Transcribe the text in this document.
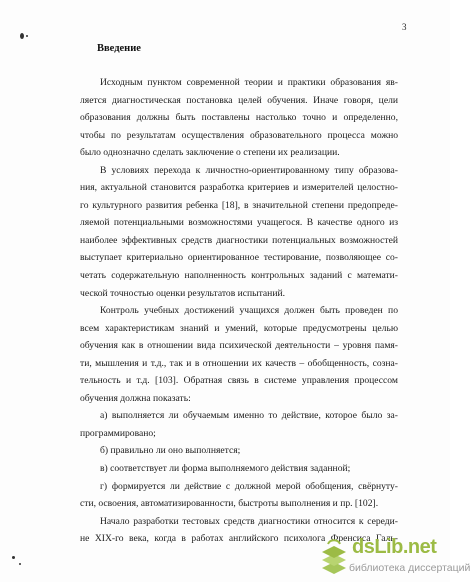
3
Введение
Исходным пунктом современной теории и практики образования яв-
ляется диагностическая постановка целей обучения. Иначе говоря, цели
образования должны быть поставлены настолько точно и определенно,
чтобы по результатам осуществления образовательного процесса можно
было однозначно сделать заключение о степени их реализации.
В условиях перехода к личностно-ориентированному типу образова-
ния, актуальной становится разработка критериев и измерителей целостно-
го культурного развития ребенка [18], в значительной степени предопреде-
ляемой потенциальными возможностями учащегося. В качестве одного из
наиболее эффективных средств диагностики потенциальных возможностей
выступает критериально ориентированное тестирование, позволяющее со-
четать содержательную наполненность контрольных заданий с математи-
ческой точностью оценки результатов испытаний.
Контроль учебных достижений учащихся должен быть проведен по
всем характеристикам знаний и умений, которые предусмотрены целью
обучения как в отношении вида психической деятельности – уровня памя-
ти, мышления и т.д., так и в отношении их качеств – обобщенность, созна-
тельность и т.д. [103]. Обратная связь в системе управления процессом
обучения должна показать:
а) выполняется ли обучаемым именно то действие, которое было за-
программировано;
б) правильно ли оно выполняется;
в) соответствует ли форма выполняемого действия заданной;
г) формируется ли действие с должной мерой обобщения, свёрнуту-
сти, освоения, автоматизированности, быстроты выполнения и пр. [102].
Начало разработки тестовых средств диагностики относится к середи-
не XIX-го века, когда в работах английского психолога Френсиса Галь-
dsLib.net
библиотека диссертаций
